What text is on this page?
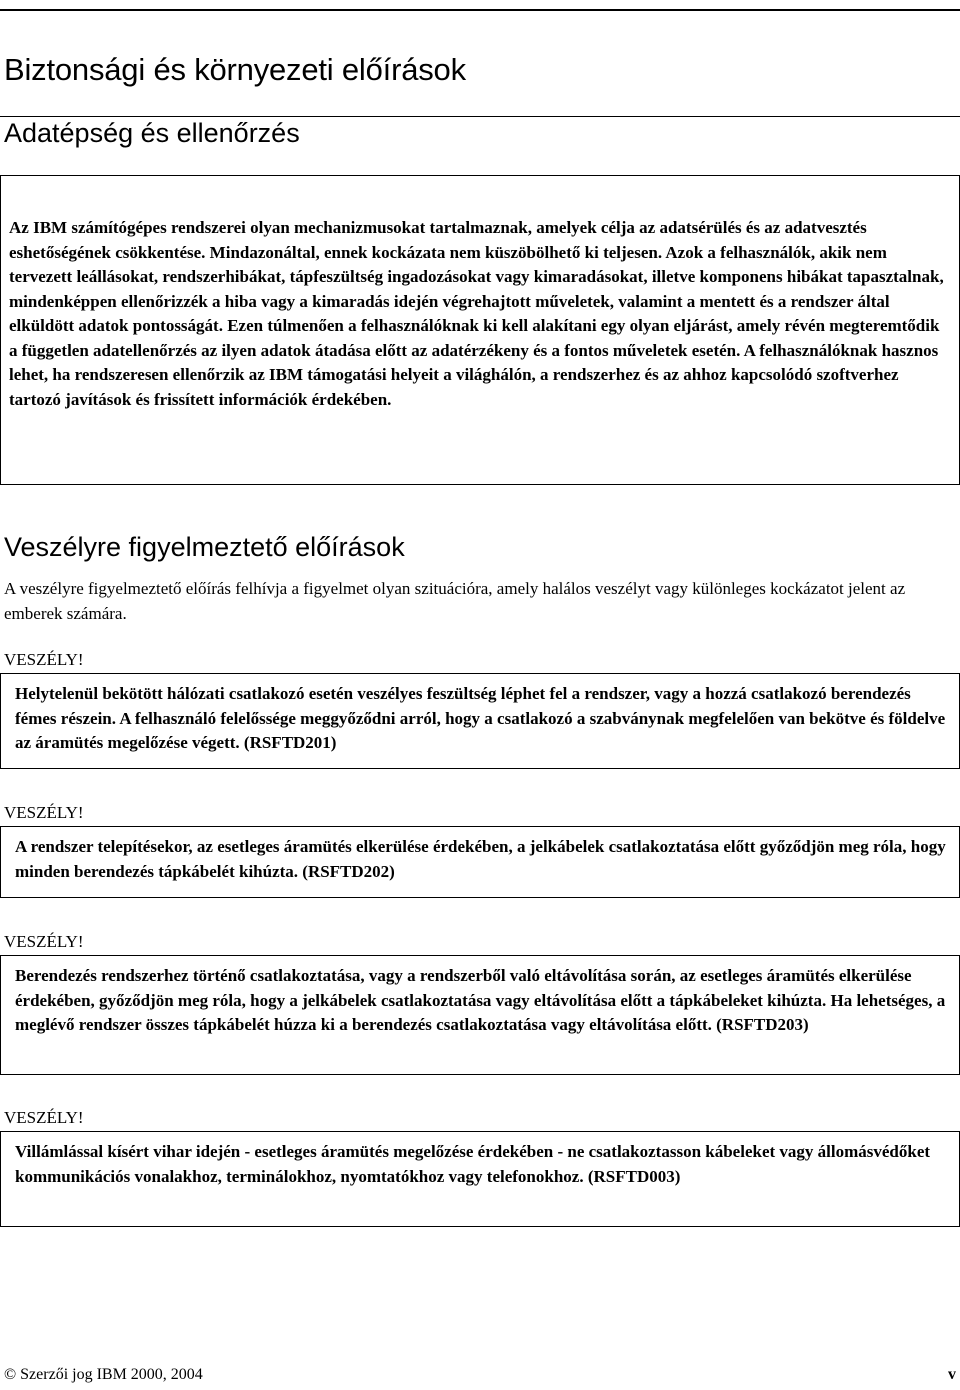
Biztonsági és környezeti előírások
Adatépség és ellenőrzés

Az IBM számítógépes rendszerei olyan mechanizmusokat tartalmaznak, amelyek célja az adatsérülés és az adatvesztés eshetőségének csökkentése. Mindazonáltal, ennek kockázata nem küszöbölhető ki teljesen. Azok a felhasználók, akik nem tervezett leállásokat, rendszerhibákat, tápfeszültség ingadozásokat vagy kimaradásokat, illetve komponens hibákat tapasztalnak, mindenképpen ellenőrizzék a hiba vagy a kimaradás idején végrehajtott műveletek, valamint a mentett és a rendszer által elküldött adatok pontosságát. Ezen túlmenően a felhasználóknak ki kell alakítani egy olyan eljárást, amely révén megteremtődik a független adatellenőrzés az ilyen adatok átadása előtt az adatérzékeny és a fontos műveletek esetén. A felhasználóknak hasznos lehet, ha rendszeresen ellenőrzik az IBM támogatási helyeit a világhálón, a rendszerhez és az ahhoz kapcsolódó szoftverhez tartozó javítások és frissített információk érdekében.

Veszélyre figyelmeztető előírások

A veszélyre figyelmeztető előírás felhívja a figyelmet olyan szituációra, amely halálos veszélyt vagy különleges kockázatot jelent az emberek számára.

VESZÉLY!

Helytelenül bekötött hálózati csatlakozó esetén veszélyes feszültség léphet fel a rendszer, vagy a hozzá csatlakozó berendezés fémes részein. A felhasználó felelőssége meggyőződni arról, hogy a csatlakozó a szabványnak megfelelően van bekötve és földelve az áramütés megelőzése végett. (RSFTD201)

VESZÉLY!

A rendszer telepítésekor, az esetleges áramütés elkerülése érdekében, a jelkábelek csatlakoztatása előtt győződjön meg róla, hogy minden berendezés tápkábelét kihúzta. (RSFTD202)

VESZÉLY!

Berendezés rendszerhez történő csatlakoztatása, vagy a rendszerből való eltávolítása során, az esetleges áramütés elkerülése érdekében, győződjön meg róla, hogy a jelkábelek csatlakoztatása vagy eltávolítása előtt a tápkábeleket kihúzta. Ha lehetséges, a meglévő rendszer összes tápkábelét húzza ki a berendezés csatlakoztatása vagy eltávolítása előtt. (RSFTD203)

VESZÉLY!

Villámlással kísért vihar idején - esetleges áramütés megelőzése érdekében - ne csatlakoztasson kábeleket vagy állomásvédőket kommunikációs vonalakhoz, terminálokhoz, nyomtatókhoz vagy telefonokhoz. (RSFTD003)

© Szerzői jog IBM 2000, 2004	v
